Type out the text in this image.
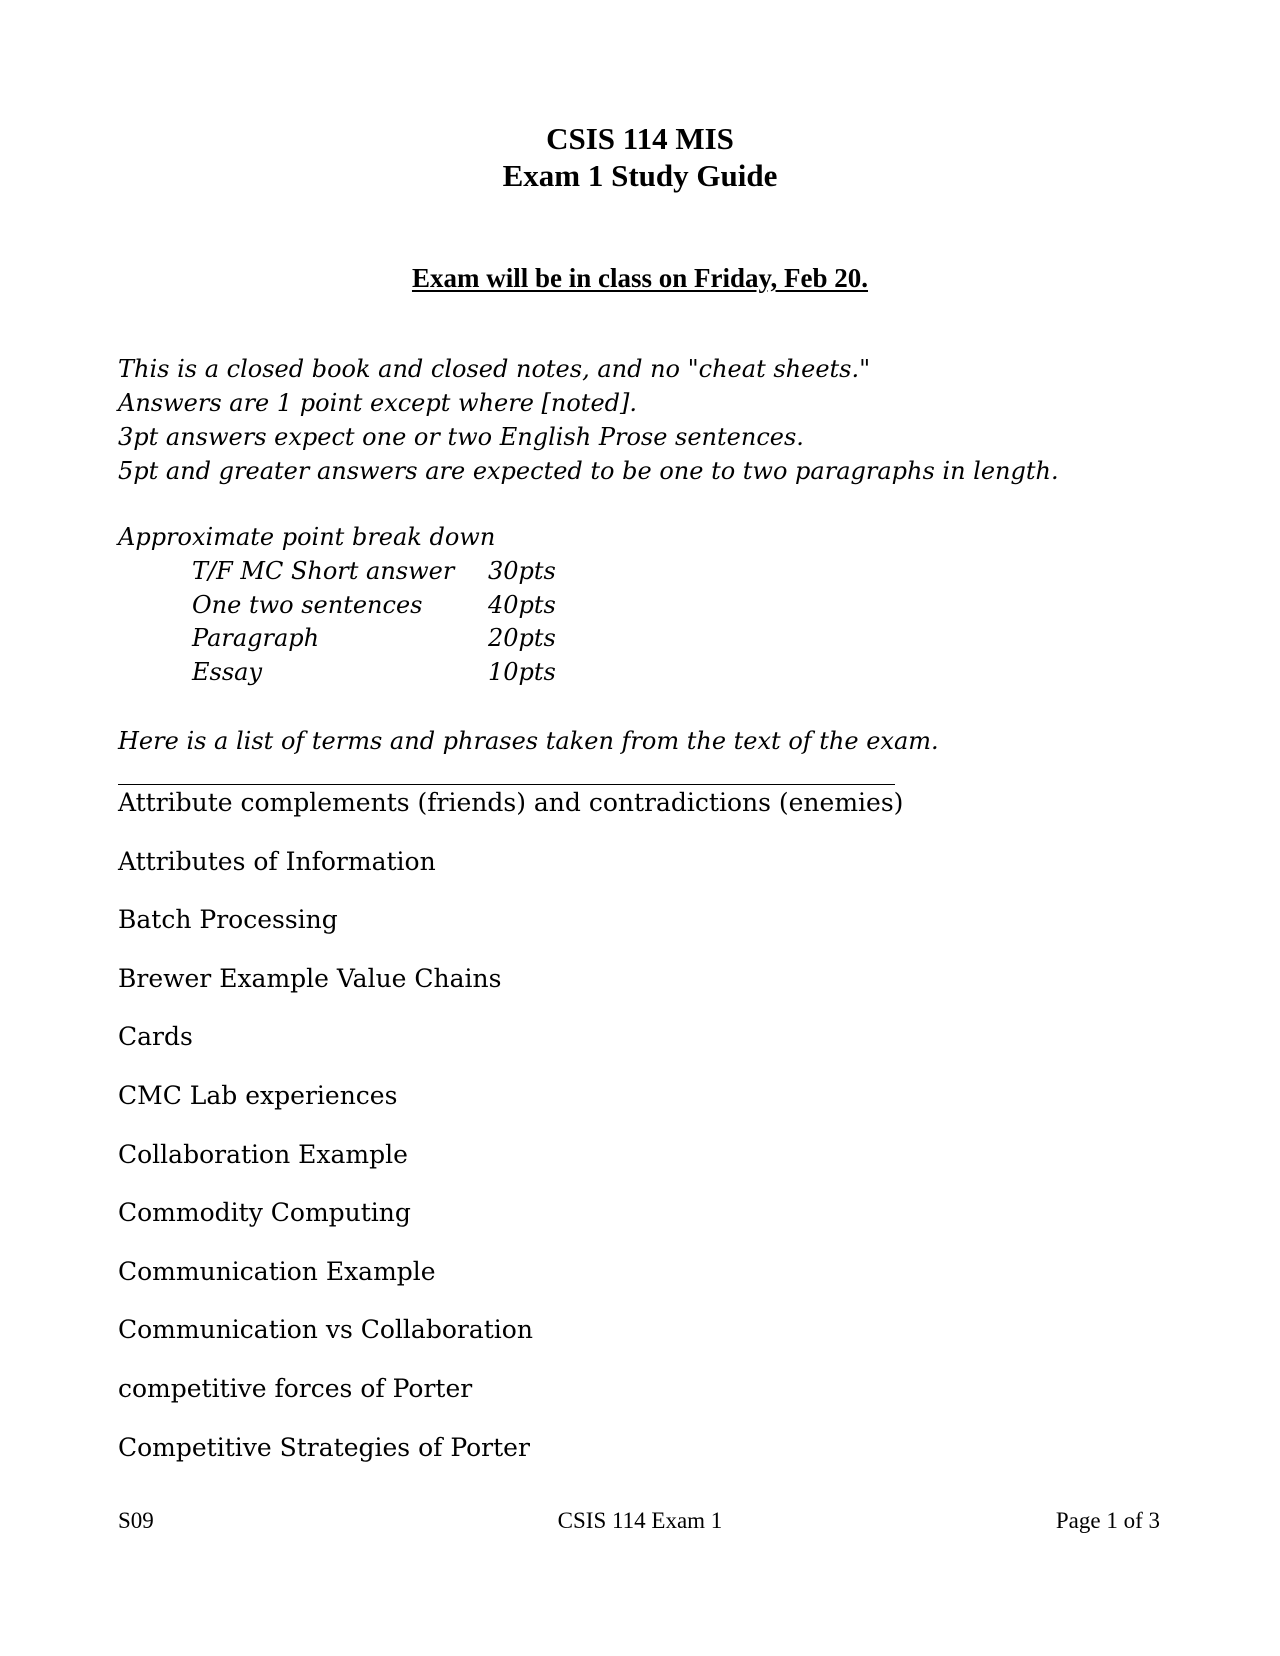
CSIS 114 MIS
Exam 1 Study Guide
Exam will be in class on Friday, Feb 20.
This is a closed book and closed notes, and no "cheat sheets."
Answers are 1 point except where [noted].
3pt answers expect one or two English Prose sentences.
5pt and greater answers are expected to be one to two paragraphs in length.
Approximate point break down
T/F MC Short answer 30pts
One two sentences	40pts
Paragraph	20pts
Essay	10pts
Here is a list of terms and phrases taken from the text of the exam.
Attribute complements (friends) and contradictions (enemies)
Attributes of Information
Batch Processing
Brewer Example Value Chains
Cards
CMC Lab experiences
Collaboration Example
Commodity Computing
Communication Example
Communication vs Collaboration
competitive forces of Porter
Competitive Strategies of Porter
S09	CSIS 114 Exam 1	Page 1 of 3
